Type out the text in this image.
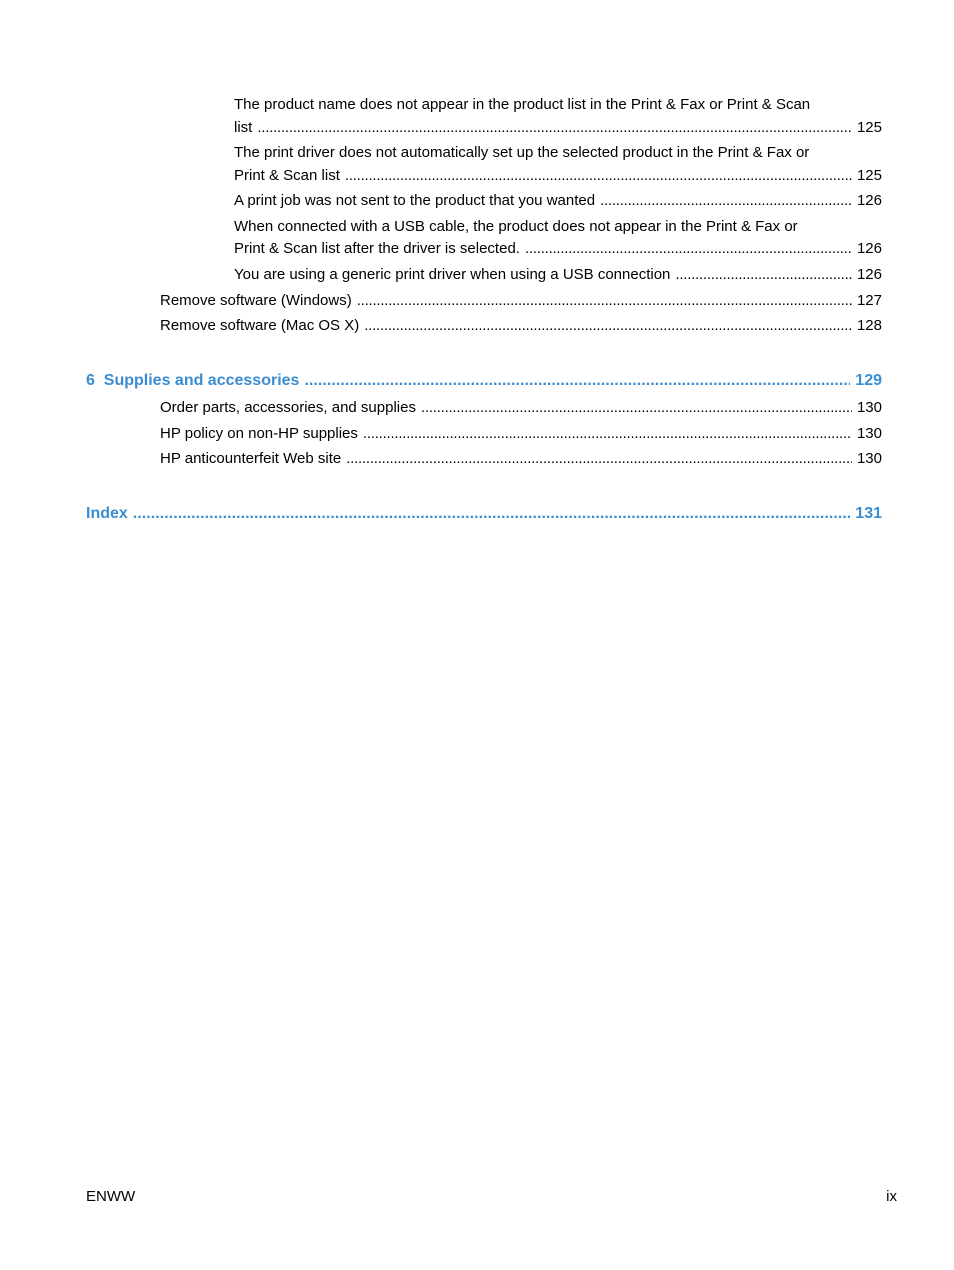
The product name does not appear in the product list in the Print & Fax or Print & Scan
list . . .	125
The print driver does not automatically set up the selected product in the Print & Fax or
Print & Scan list . . .	125
A print job was not sent to the product that you wanted . . .	126
When connected with a USB cable, the product does not appear in the Print & Fax or
Print & Scan list after the driver is selected. . . .	126
You are using a generic print driver when using a USB connection . . .	126
Remove software (Windows) . . .	127
Remove software (Mac OS X) . . .	128
6  Supplies and accessories . . .	129
Order parts, accessories, and supplies . . .	130
HP policy on non-HP supplies . . .	130
HP anticounterfeit Web site . . .	130
Index . . .	131
ENWW	ix
